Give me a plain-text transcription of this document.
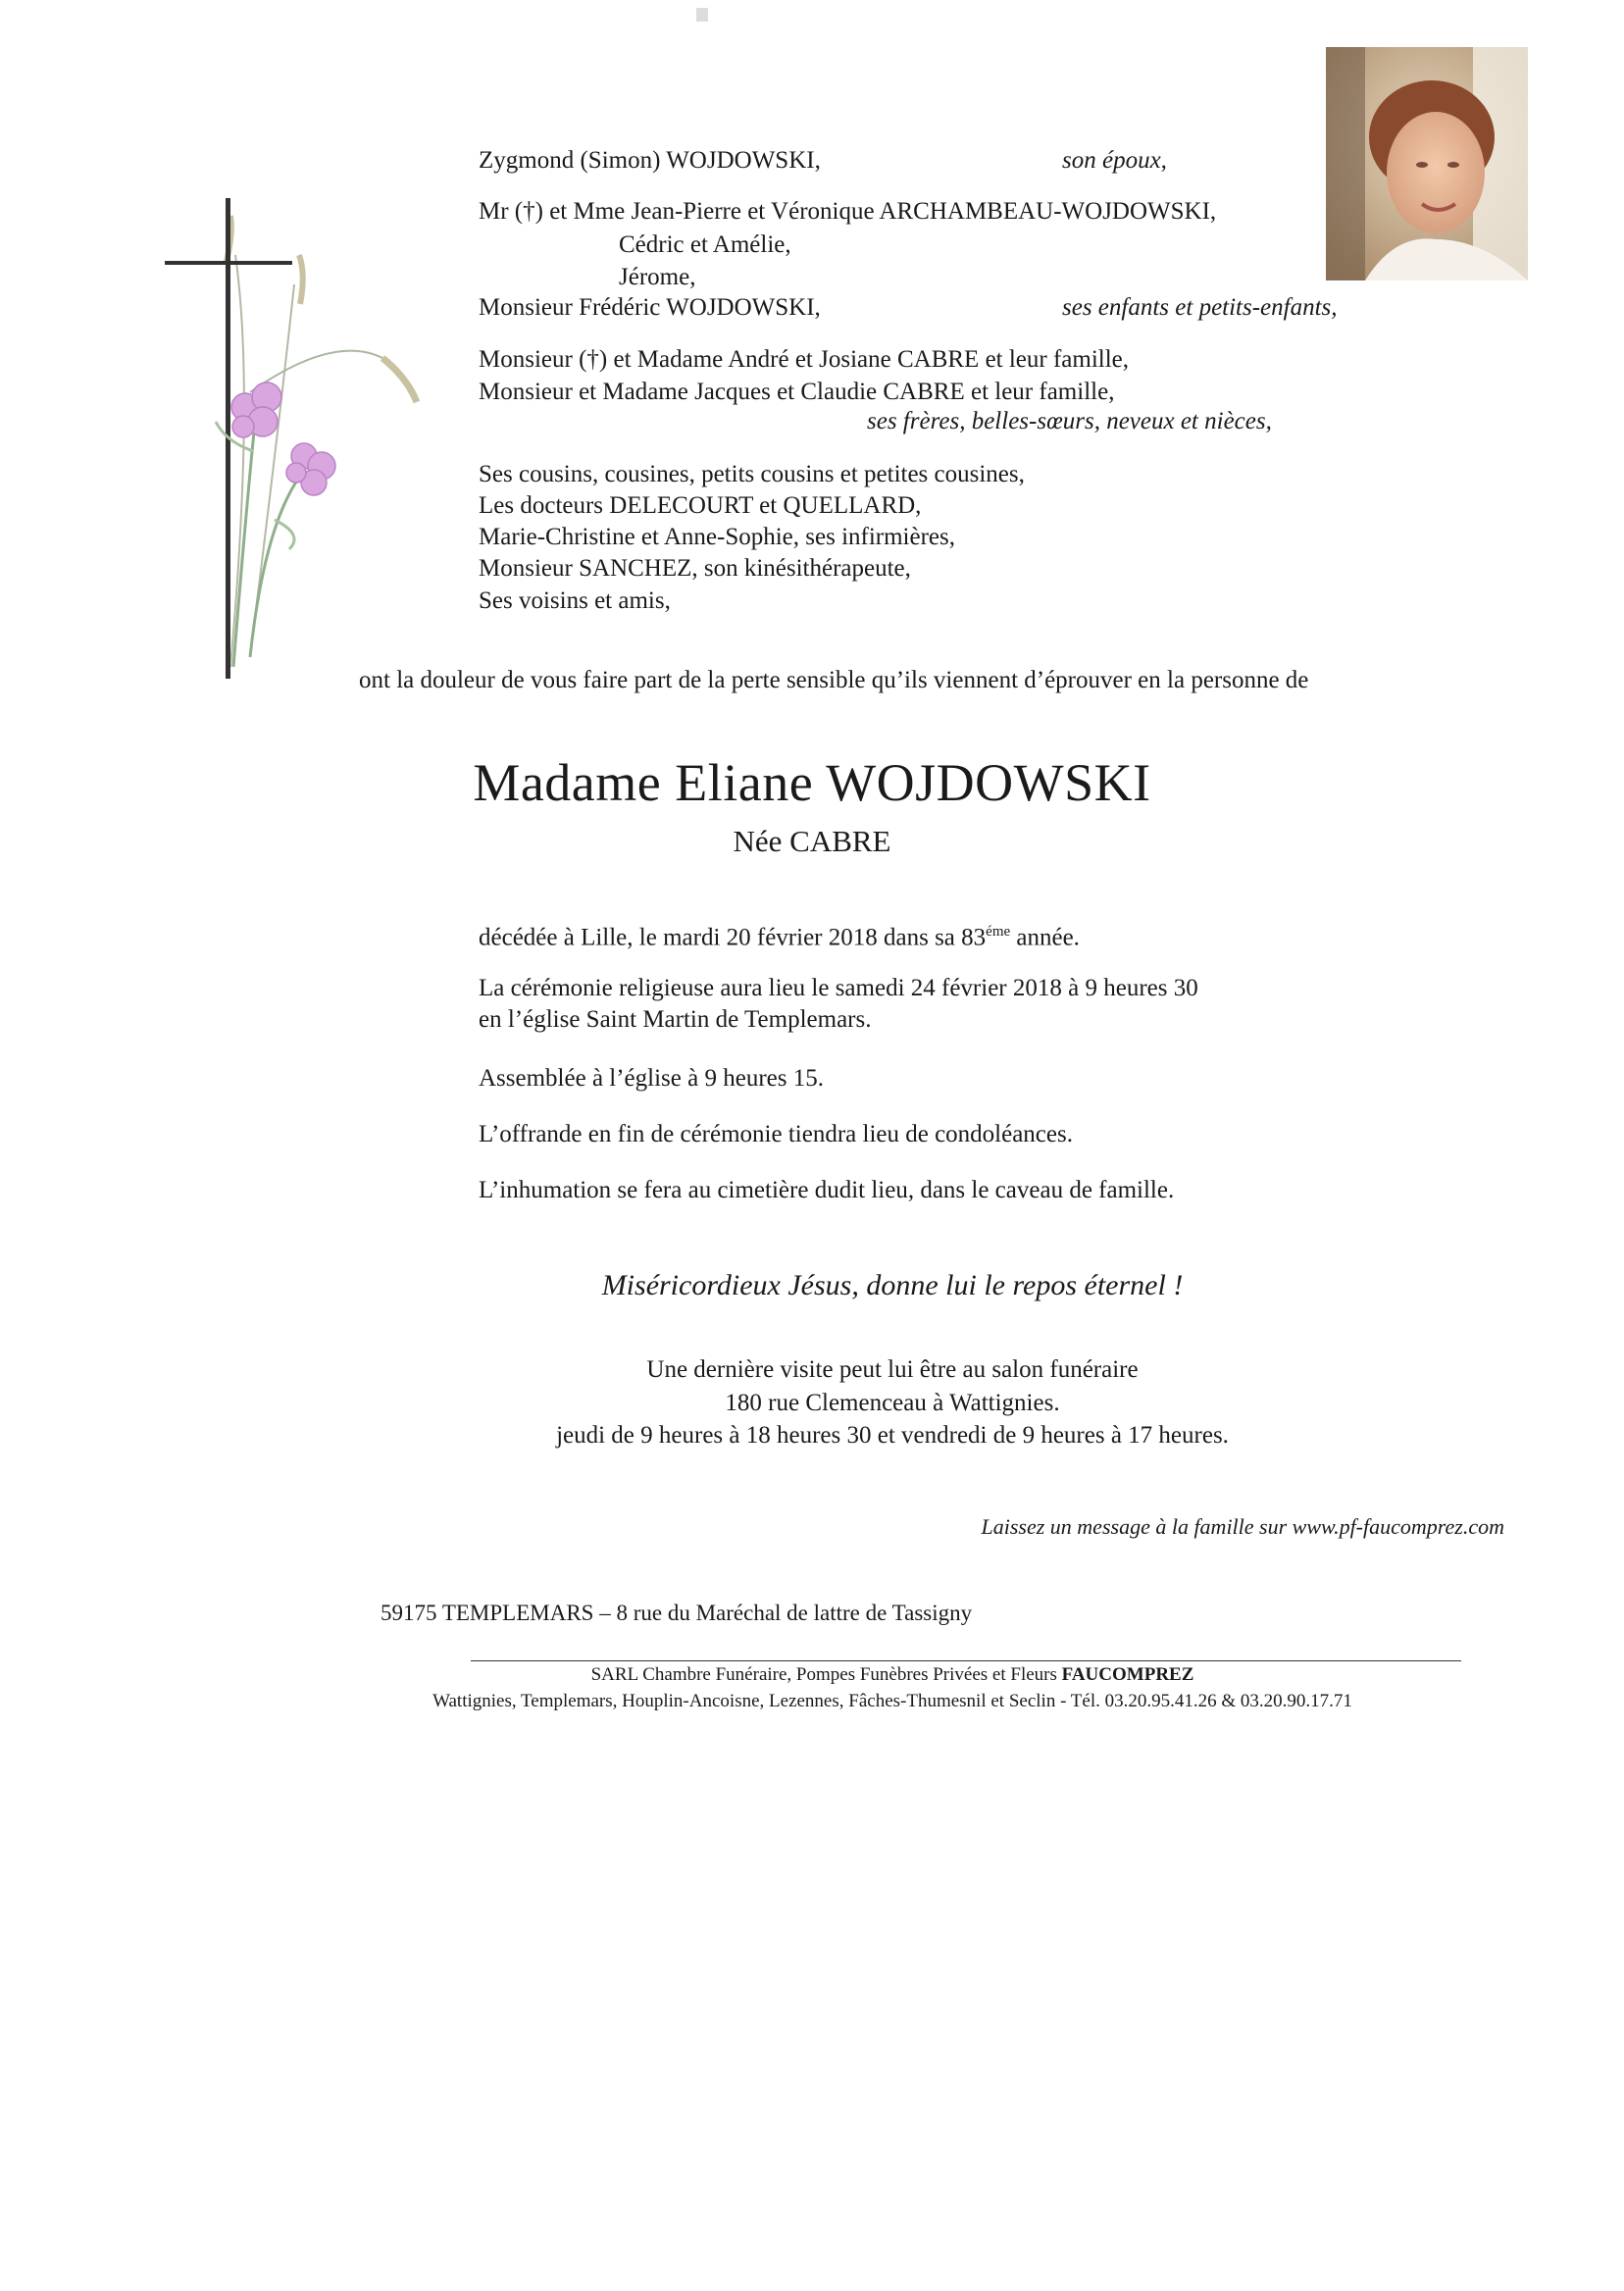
Zygmond (Simon) WOJDOWSKI,	son époux,
Mr (†) et Mme Jean-Pierre et Véronique ARCHAMBEAU-WOJDOWSKI,
Cédric et Amélie,
Jérome,
Monsieur Frédéric WOJDOWSKI,	ses enfants et petits-enfants,
Monsieur (†) et Madame André et Josiane CABRE et leur famille,
Monsieur et Madame Jacques et Claudie CABRE et leur famille,
ses frères, belles-sœurs, neveux et nièces,
Ses cousins, cousines, petits cousins et petites cousines,
Les docteurs DELECOURT et QUELLARD,
Marie-Christine et Anne-Sophie, ses infirmières,
Monsieur SANCHEZ, son kinésithérapeute,
Ses voisins et amis,
ont la douleur de vous faire part de la perte sensible qu’ils viennent d’éprouver en la personne de
Madame Eliane WOJDOWSKI
Née CABRE
décédée à Lille, le mardi 20 février 2018 dans sa $83^{éme}$ année.
La cérémonie religieuse aura lieu le samedi 24 février 2018 à 9 heures 30
en l’église Saint Martin de Templemars.
Assemblée à l’église à 9 heures 15.
L’offrande en fin de cérémonie tiendra lieu de condoléances.
L’inhumation se fera au cimetière dudit lieu, dans le caveau de famille.
Miséricordieux Jésus, donne lui le repos éternel !
Une dernière visite peut lui être au salon funéraire
180 rue Clemenceau à Wattignies.
jeudi de 9 heures à 18 heures 30 et vendredi de 9 heures à 17 heures.
Laissez un message à la famille sur www.pf-faucomprez.com
59175 TEMPLEMARS – 8 rue du Maréchal de lattre de Tassigny
SARL Chambre Funéraire, Pompes Funèbres Privées et Fleurs FAUCOMPREZ
Wattignies, Templemars, Houplin-Ancoisne, Lezennes, Fâches-Thumesnil et Seclin - Tél. 03.20.95.41.26 & 03.20.90.17.71
